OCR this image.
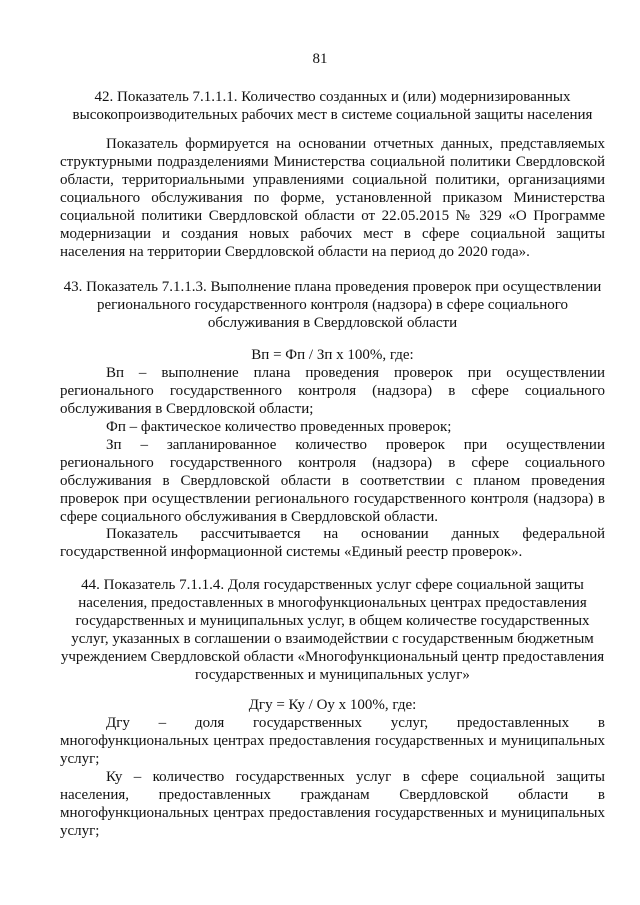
81
42. Показатель 7.1.1.1. Количество созданных и (или) модернизированных высокопроизводительных рабочих мест в системе социальной защиты населения

Показатель формируется на основании отчетных данных, представляемых структурными подразделениями Министерства социальной политики Свердловской области, территориальными управлениями социальной политики, организациями социального обслуживания по форме, установленной приказом Министерства социальной политики Свердловской области от 22.05.2015 № 329 «О Программе модернизации и создания новых рабочих мест в сфере социальной защиты населения на территории Свердловской области на период до 2020 года».

43. Показатель 7.1.1.3. Выполнение плана проведения проверок при осуществлении регионального государственного контроля (надзора) в сфере социального обслуживания в Свердловской области

Вп = Фп / Зп х 100%, где:

Вп – выполнение плана проведения проверок при осуществлении регионального государственного контроля (надзора) в сфере социального обслуживания в Свердловской области;

Фп – фактическое количество проведенных проверок;

Зп – запланированное количество проверок при осуществлении регионального государственного контроля (надзора) в сфере социального обслуживания в Свердловской области в соответствии с планом проведения проверок при осуществлении регионального государственного контроля (надзора) в сфере социального обслуживания в Свердловской области.

Показатель рассчитывается на основании данных федеральной государственной информационной системы «Единый реестр проверок».

44. Показатель 7.1.1.4. Доля государственных услуг сфере социальной защиты населения, предоставленных в многофункциональных центрах предоставления государственных и муниципальных услуг, в общем количестве государственных услуг, указанных в соглашении о взаимодействии с государственным бюджетным учреждением Свердловской области «Многофункциональный центр предоставления государственных и муниципальных услуг»

Дгу = Ку / Оу х 100%, где:

Дгу – доля государственных услуг, предоставленных в многофункциональных центрах предоставления государственных и муниципальных услуг;

Ку – количество государственных услуг в сфере социальной защиты населения, предоставленных гражданам Свердловской области в многофункциональных центрах предоставления государственных и муниципальных услуг;
